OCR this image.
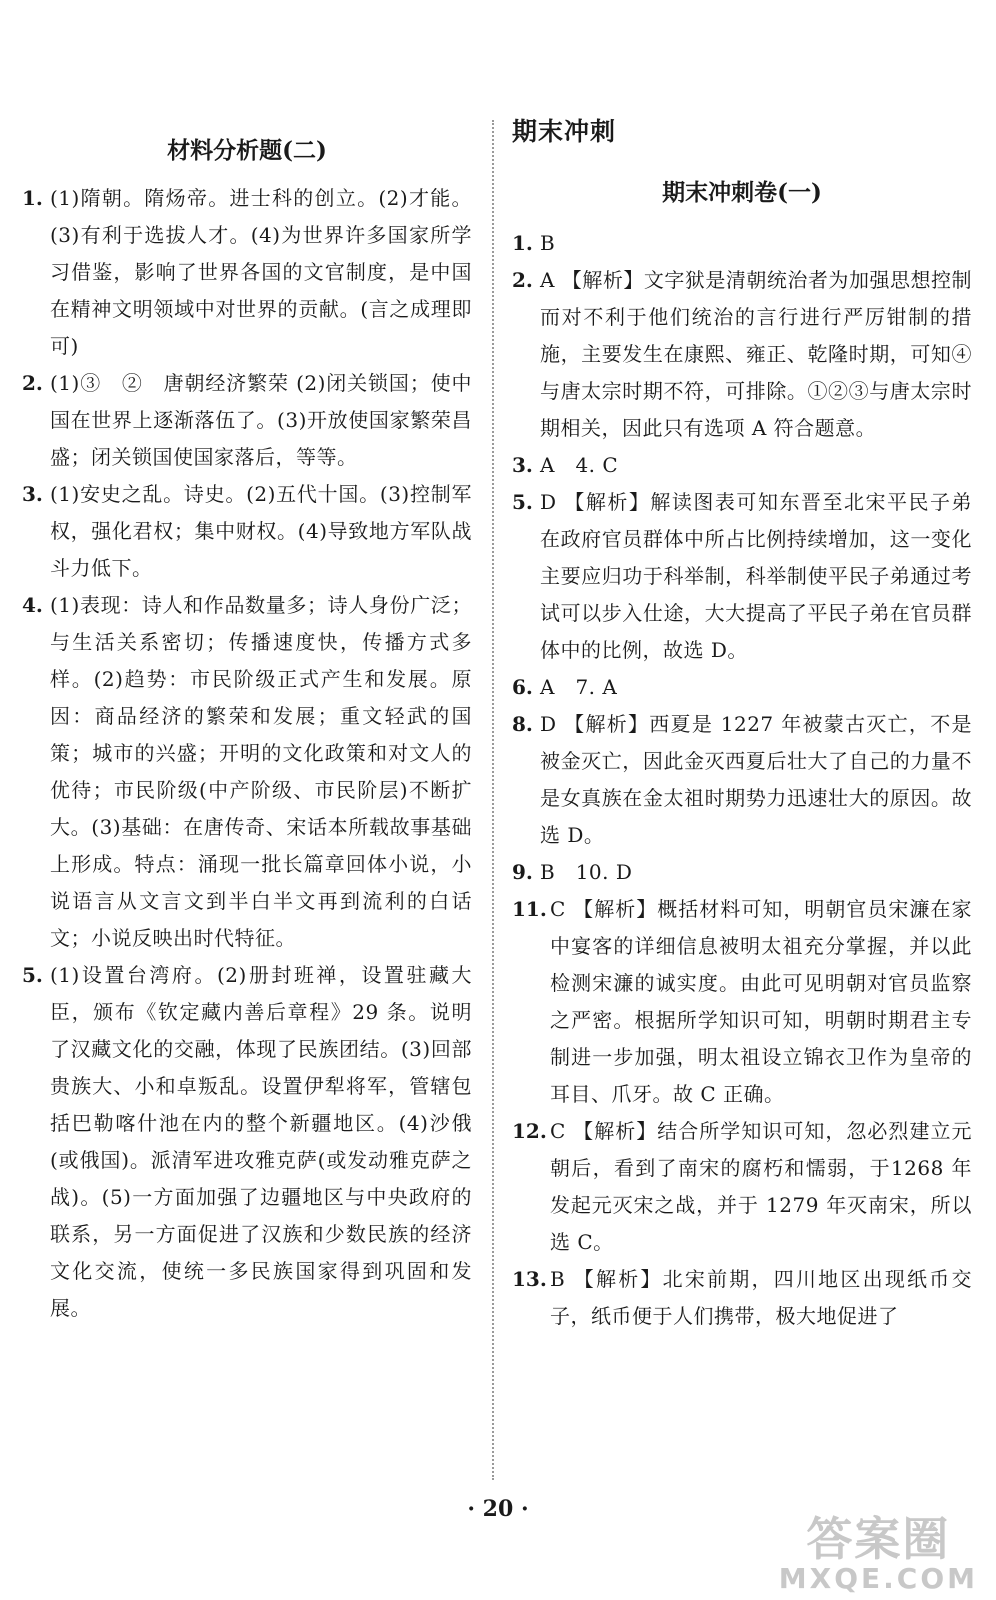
材料分析题(二)
1. (1)隋朝。隋炀帝。进士科的创立。(2)才能。(3)有利于选拔人才。(4)为世界许多国家所学习借鉴，影响了世界各国的文官制度，是中国在精神文明领域中对世界的贡献。(言之成理即可)
2. (1)③　②　唐朝经济繁荣 (2)闭关锁国；使中国在世界上逐渐落伍了。(3)开放使国家繁荣昌盛；闭关锁国使国家落后，等等。
3. (1)安史之乱。诗史。(2)五代十国。(3)控制军权，强化君权；集中财权。(4)导致地方军队战斗力低下。
4. (1)表现：诗人和作品数量多；诗人身份广泛；与生活关系密切；传播速度快，传播方式多样。(2)趋势：市民阶级正式产生和发展。原因：商品经济的繁荣和发展；重文轻武的国策；城市的兴盛；开明的文化政策和对文人的优待；市民阶级(中产阶级、市民阶层)不断扩大。(3)基础：在唐传奇、宋话本所载故事基础上形成。特点：涌现一批长篇章回体小说，小说语言从文言文到半白半文再到流利的白话文；小说反映出时代特征。
5. (1)设置台湾府。(2)册封班禅，设置驻藏大臣，颁布《钦定藏内善后章程》29 条。说明了汉藏文化的交融，体现了民族团结。(3)回部贵族大、小和卓叛乱。设置伊犁将军，管辖包括巴勒喀什池在内的整个新疆地区。(4)沙俄(或俄国)。派清军进攻雅克萨(或发动雅克萨之战)。(5)一方面加强了边疆地区与中央政府的联系，另一方面促进了汉族和少数民族的经济文化交流，使统一多民族国家得到巩固和发展。
期末冲刺
期末冲刺卷(一)
1. B
2. A 【解析】文字狱是清朝统治者为加强思想控制而对不利于他们统治的言行进行严厉钳制的措施，主要发生在康熙、雍正、乾隆时期，可知④与唐太宗时期不符，可排除。①②③与唐太宗时期相关，因此只有选项 A 符合题意。
3. A　4. C
5. D 【解析】解读图表可知东晋至北宋平民子弟在政府官员群体中所占比例持续增加，这一变化主要应归功于科举制，科举制使平民子弟通过考试可以步入仕途，大大提高了平民子弟在官员群体中的比例，故选 D。
6. A　7. A
8. D 【解析】西夏是 1227 年被蒙古灭亡，不是被金灭亡，因此金灭西夏后壮大了自己的力量不是女真族在金太祖时期势力迅速壮大的原因。故选 D。
9. B　10. D
11. C 【解析】概括材料可知，明朝官员宋濂在家中宴客的详细信息被明太祖充分掌握，并以此检测宋濂的诚实度。由此可见明朝对官员监察之严密。根据所学知识可知，明朝时期君主专制进一步加强，明太祖设立锦衣卫作为皇帝的耳目、爪牙。故 C 正确。
12. C 【解析】结合所学知识可知，忽必烈建立元朝后，看到了南宋的腐朽和懦弱，于1268 年发起元灭宋之战，并于 1279 年灭南宋，所以选 C。
13. B 【解析】北宋前期，四川地区出现纸币交子，纸币便于人们携带，极大地促进了
· 20 ·
答案圈
MXQE.COM
